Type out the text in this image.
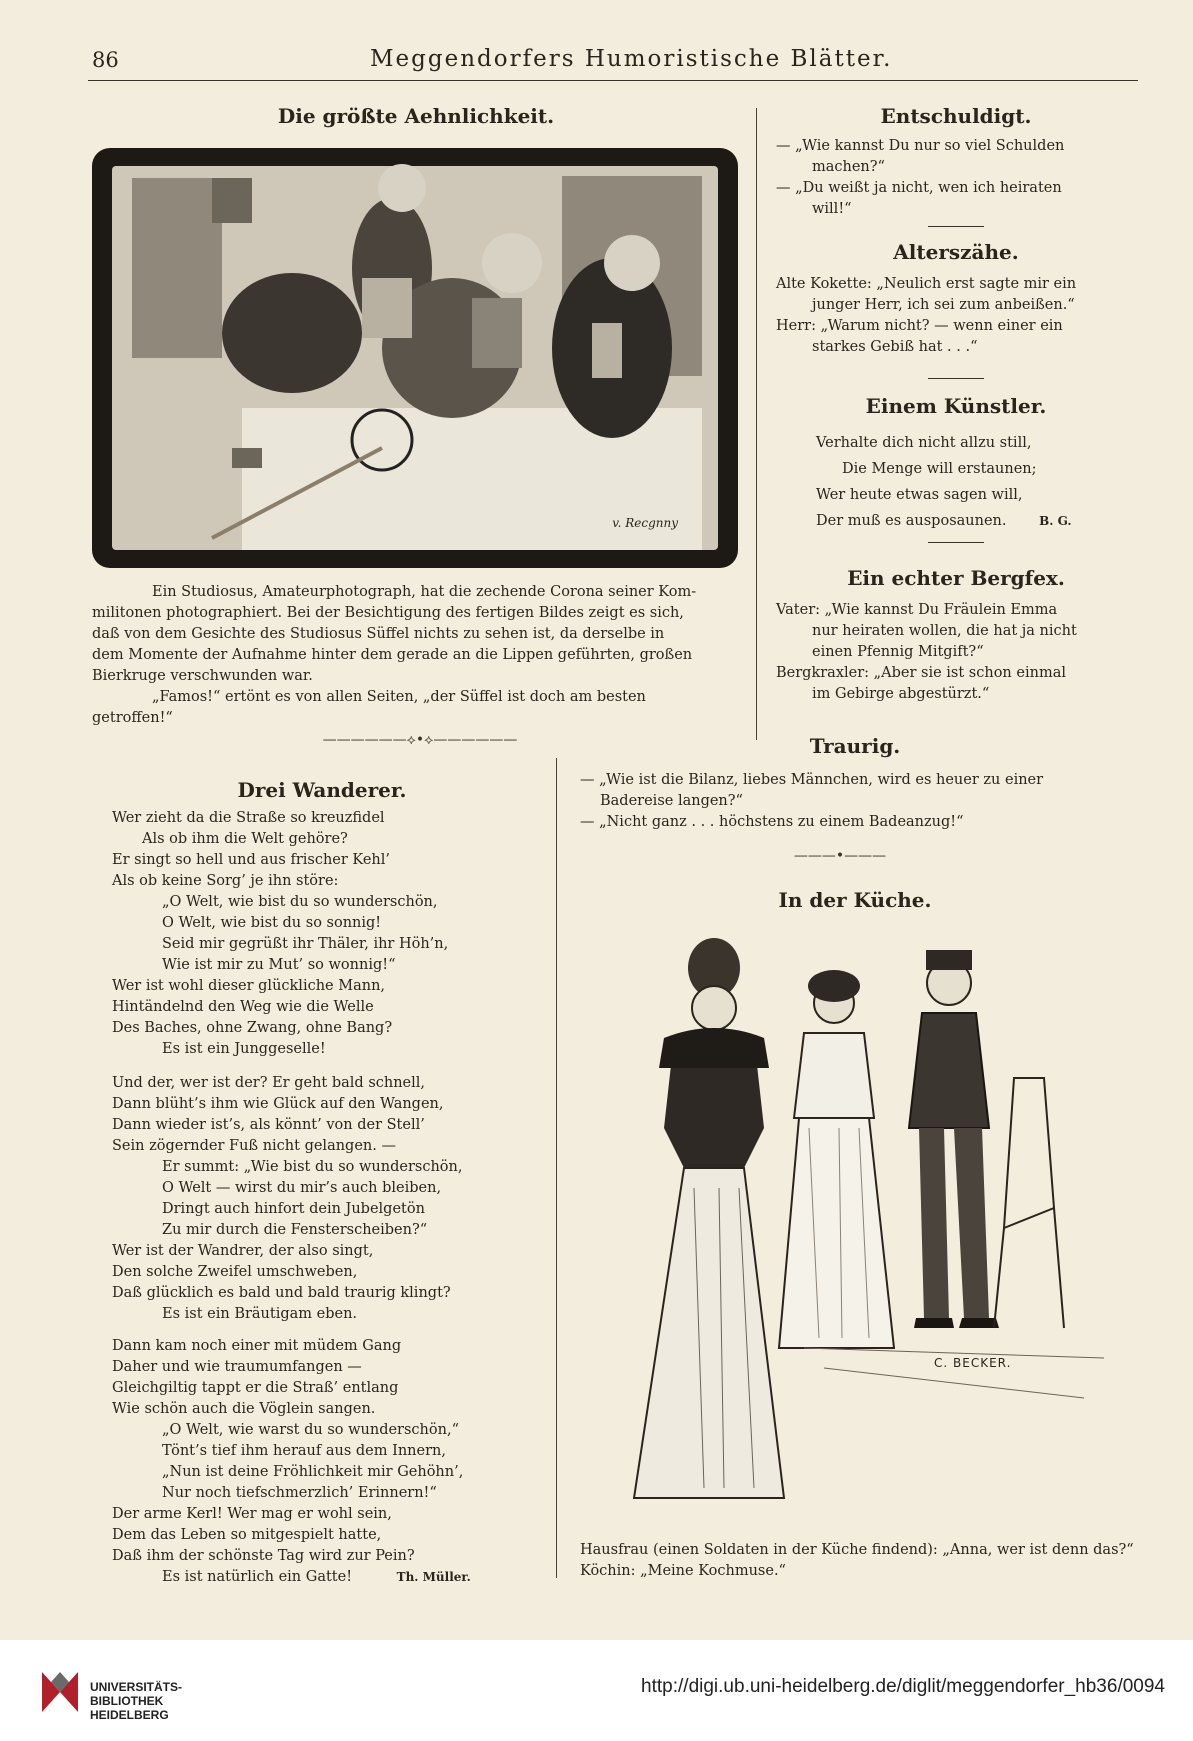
86	Meggendorfers Humoristische Blätter.
Die größte Aehnlichkeit.
v. Recgnny

Ein Studiosus, Amateurphotograph, hat die zechende Corona seiner Kom-

militonen photographiert. Bei der Besichtigung des fertigen Bildes zeigt es sich,

daß von dem Gesichte des Studiosus Süffel nichts zu sehen ist, da derselbe in

dem Momente der Aufnahme hinter dem gerade an die Lippen geführten, großen

Bierkruge verschwunden war.

„Famos!“ ertönt es von allen Seiten, „der Süffel ist doch am besten

getroffen!“

——————⟡•⟡——————
Drei Wanderer.

Wer zieht da die Straße so kreuzfidel

Als ob ihm die Welt gehöre?

Er singt so hell und aus frischer Kehl’

Als ob keine Sorg’ je ihn störe:

„O Welt, wie bist du so wunderschön,

O Welt, wie bist du so sonnig!

Seid mir gegrüßt ihr Thäler, ihr Höh’n,

Wie ist mir zu Mut’ so wonnig!“

Wer ist wohl dieser glückliche Mann,

Hintändelnd den Weg wie die Welle

Des Baches, ohne Zwang, ohne Bang?

Es ist ein Junggeselle!

Und der, wer ist der? Er geht bald schnell,

Dann blüht’s ihm wie Glück auf den Wangen,

Dann wieder ist’s, als könnt’ von der Stell’

Sein zögernder Fuß nicht gelangen. —

Er summt: „Wie bist du so wunderschön,

O Welt — wirst du mir’s auch bleiben,

Dringt auch hinfort dein Jubelgetön

Zu mir durch die Fensterscheiben?“

Wer ist der Wandrer, der also singt,

Den solche Zweifel umschweben,

Daß glücklich es bald und bald traurig klingt?

Es ist ein Bräutigam eben.

Dann kam noch einer mit müdem Gang

Daher und wie traumumfangen —

Gleichgiltig tappt er die Straß’ entlang

Wie schön auch die Vöglein sangen.

„O Welt, wie warst du so wunderschön,“

Tönt’s tief ihm herauf aus dem Innern,

„Nun ist deine Fröhlichkeit mir Gehöhn’,

Nur noch tiefschmerzlich’ Erinnern!“

Der arme Kerl! Wer mag er wohl sein,

Dem das Leben so mitgespielt hatte,

Daß ihm der schönste Tag wird zur Pein?

Es ist natürlich ein Gatte!	Th. Müller.

Entschuldigt.

— „Wie kannst Du nur so viel Schulden

machen?“

— „Du weißt ja nicht, wen ich heiraten

will!“

Alterszähe.

Alte Kokette: „Neulich erst sagte mir ein

junger Herr, ich sei zum anbeißen.“

Herr: „Warum nicht? — wenn einer ein

starkes Gebiß hat . . .“

Einem Künstler.

Verhalte dich nicht allzu still,

Die Menge will erstaunen;

Wer heute etwas sagen will,

Der muß es ausposaunen.	B. G.

Ein echter Bergfex.

Vater: „Wie kannst Du Fräulein Emma

nur heiraten wollen, die hat ja nicht

einen Pfennig Mitgift?“

Bergkraxler: „Aber sie ist schon einmal

im Gebirge abgestürzt.“

Traurig.

— „Wie ist die Bilanz, liebes Männchen, wird es heuer zu einer

Badereise langen?“

— „Nicht ganz . . . höchstens zu einem Badeanzug!“

———•———
In der Küche.
C. BECKER.

Hausfrau (einen Soldaten in der Küche findend): „Anna, wer ist denn das?“

Köchin: „Meine Kochmuse.“

UNIVERSITÄTS-
BIBLIOTHEK
HEIDELBERG
http://digi.ub.uni-heidelberg.de/diglit/meggendorfer_hb36/0094
